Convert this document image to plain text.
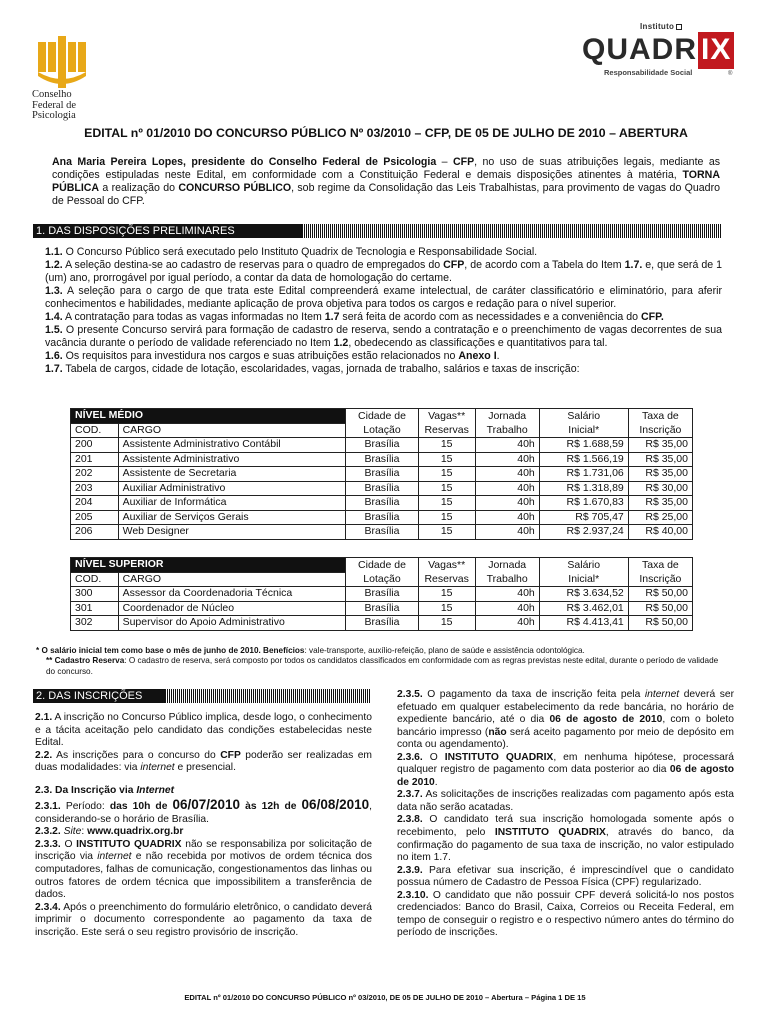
Conselho
Federal de
Psicologia
Instituto
QUADR IX
Responsabilidade Social	®
EDITAL nº 01/2010 DO CONCURSO PÚBLICO Nº 03/2010 – CFP, DE 05 DE JULHO DE 2010 – ABERTURA
Ana Maria Pereira Lopes, presidente do Conselho Federal de Psicologia – CFP, no uso de suas atribuições legais, mediante as condições estipuladas neste Edital, em conformidade com a Constituição Federal e demais disposições atinentes à matéria, TORNA PÚBLICA a realização do CONCURSO PÚBLICO, sob regime da Consolidação das Leis Trabalhistas, para provimento de vagas do Quadro de Pessoal do CFP.
1. DAS DISPOSIÇÕES PRELIMINARES

1.1. O Concurso Público será executado pelo Instituto Quadrix de Tecnologia e Responsabilidade Social.

1.2. A seleção destina-se ao cadastro de reservas para o quadro de empregados do CFP, de acordo com a Tabela do Item 1.7. e, que será de 1 (um) ano, prorrogável por igual período, a contar da data de homologação do certame.

1.3. A seleção para o cargo de que trata este Edital compreenderá exame intelectual, de caráter classificatório e eliminatório, para aferir conhecimentos e habilidades, mediante aplicação de prova objetiva para todos os cargos e redação para o nível superior.

1.4. A contratação para todas as vagas informadas no Item 1.7 será feita de acordo com as necessidades e a conveniência do CFP.

1.5. O presente Concurso servirá para formação de cadastro de reserva, sendo a contratação e o preenchimento de vagas decorrentes de sua vacância durante o período de validade referenciado no Item 1.2, obedecendo as classificações e quantitativos para tal.

1.6. Os requisitos para investidura nos cargos e suas atribuições estão relacionados no Anexo I.

1.7. Tabela de cargos, cidade de lotação, escolaridades, vagas, jornada de trabalho, salários e taxas de inscrição:

NÍVEL MÉDIO		Cidade de	Vagas**	Jornada	Salário	Taxa de
COD.	CARGO	Lotação	Reservas	Trabalho	Inicial*	Inscrição
200	Assistente Administrativo Contábil	Brasília	15	40h	R$ 1.688,59	R$ 35,00
201	Assistente Administrativo	Brasília	15	40h	R$ 1.566,19	R$ 35,00
202	Assistente de Secretaria	Brasília	15	40h	R$ 1.731,06	R$ 35,00
203	Auxiliar Administrativo	Brasília	15	40h	R$ 1.318,89	R$ 30,00
204	Auxiliar de Informática	Brasília	15	40h	R$ 1.670,83	R$ 35,00
205	Auxiliar de Serviços Gerais	Brasília	15	40h	R$ 705,47	R$ 25,00
206	Web Designer	Brasília	15	40h	R$ 2.937,24	R$ 40,00
NÍVEL SUPERIOR		Cidade de	Vagas**	Jornada	Salário	Taxa de
COD.	CARGO	Lotação	Reservas	Trabalho	Inicial*	Inscrição
300	Assessor da Coordenadoria Técnica	Brasília	15	40h	R$ 3.634,52	R$ 50,00
301	Coordenador de Núcleo	Brasília	15	40h	R$ 3.462,01	R$ 50,00
302	Supervisor do Apoio Administrativo	Brasília	15	40h	R$ 4.413,41	R$ 50,00
* O salário inicial tem como base o mês de junho de 2010. Benefícios: vale-transporte, auxílio-refeição, plano de saúde e assistência odontológica.
** Cadastro Reserva: O cadastro de reserva, será composto por todos os candidatos classificados em conformidade com as regras previstas neste edital, durante o período de validade do concurso.
2. DAS INSCRIÇÕES

2.1. A inscrição no Concurso Público implica, desde logo, o conhecimento e a tácita aceitação pelo candidato das condições estabelecidas neste Edital.

2.2. As inscrições para o concurso do CFP poderão ser realizadas em duas modalidades: via internet e presencial.

2.3. Da Inscrição via Internet

2.3.1. Período: das 10h de 06/07/2010 às 12h de 06/08/2010, considerando-se o horário de Brasília.

2.3.2. Site: www.quadrix.org.br

2.3.3. O INSTITUTO QUADRIX não se responsabiliza por solicitação de inscrição via internet e não recebida por motivos de ordem técnica dos computadores, falhas de comunicação, congestionamentos das linhas ou outros fatores de ordem técnica que impossibilitem a transferência de dados.

2.3.4. Após o preenchimento do formulário eletrônico, o candidato deverá imprimir o documento correspondente ao pagamento da taxa de inscrição. Este será o seu registro provisório de inscrição.

2.3.5. O pagamento da taxa de inscrição feita pela internet deverá ser efetuado em qualquer estabelecimento da rede bancária, no horário de expediente bancário, até o dia 06 de agosto de 2010, com o boleto bancário impresso (não será aceito pagamento por meio de depósito em conta ou agendamento).

2.3.6. O INSTITUTO QUADRIX, em nenhuma hipótese, processará qualquer registro de pagamento com data posterior ao dia 06 de agosto de 2010.

2.3.7. As solicitações de inscrições realizadas com pagamento após esta data não serão acatadas.

2.3.8. O candidato terá sua inscrição homologada somente após o recebimento, pelo INSTITUTO QUADRIX, através do banco, da confirmação do pagamento de sua taxa de inscrição, no valor estipulado no item 1.7.

2.3.9. Para efetivar sua inscrição, é imprescindível que o candidato possua número de Cadastro de Pessoa Física (CPF) regularizado.

2.3.10. O candidato que não possuir CPF deverá solicitá-lo nos postos credenciados: Banco do Brasil, Caixa, Correios ou Receita Federal, em tempo de conseguir o registro e o respectivo número antes do término do período de inscrições.

EDITAL nº 01/2010 DO CONCURSO PÚBLICO nº 03/2010, DE 05 DE JULHO DE 2010 – Abertura – Página 1 DE 15
